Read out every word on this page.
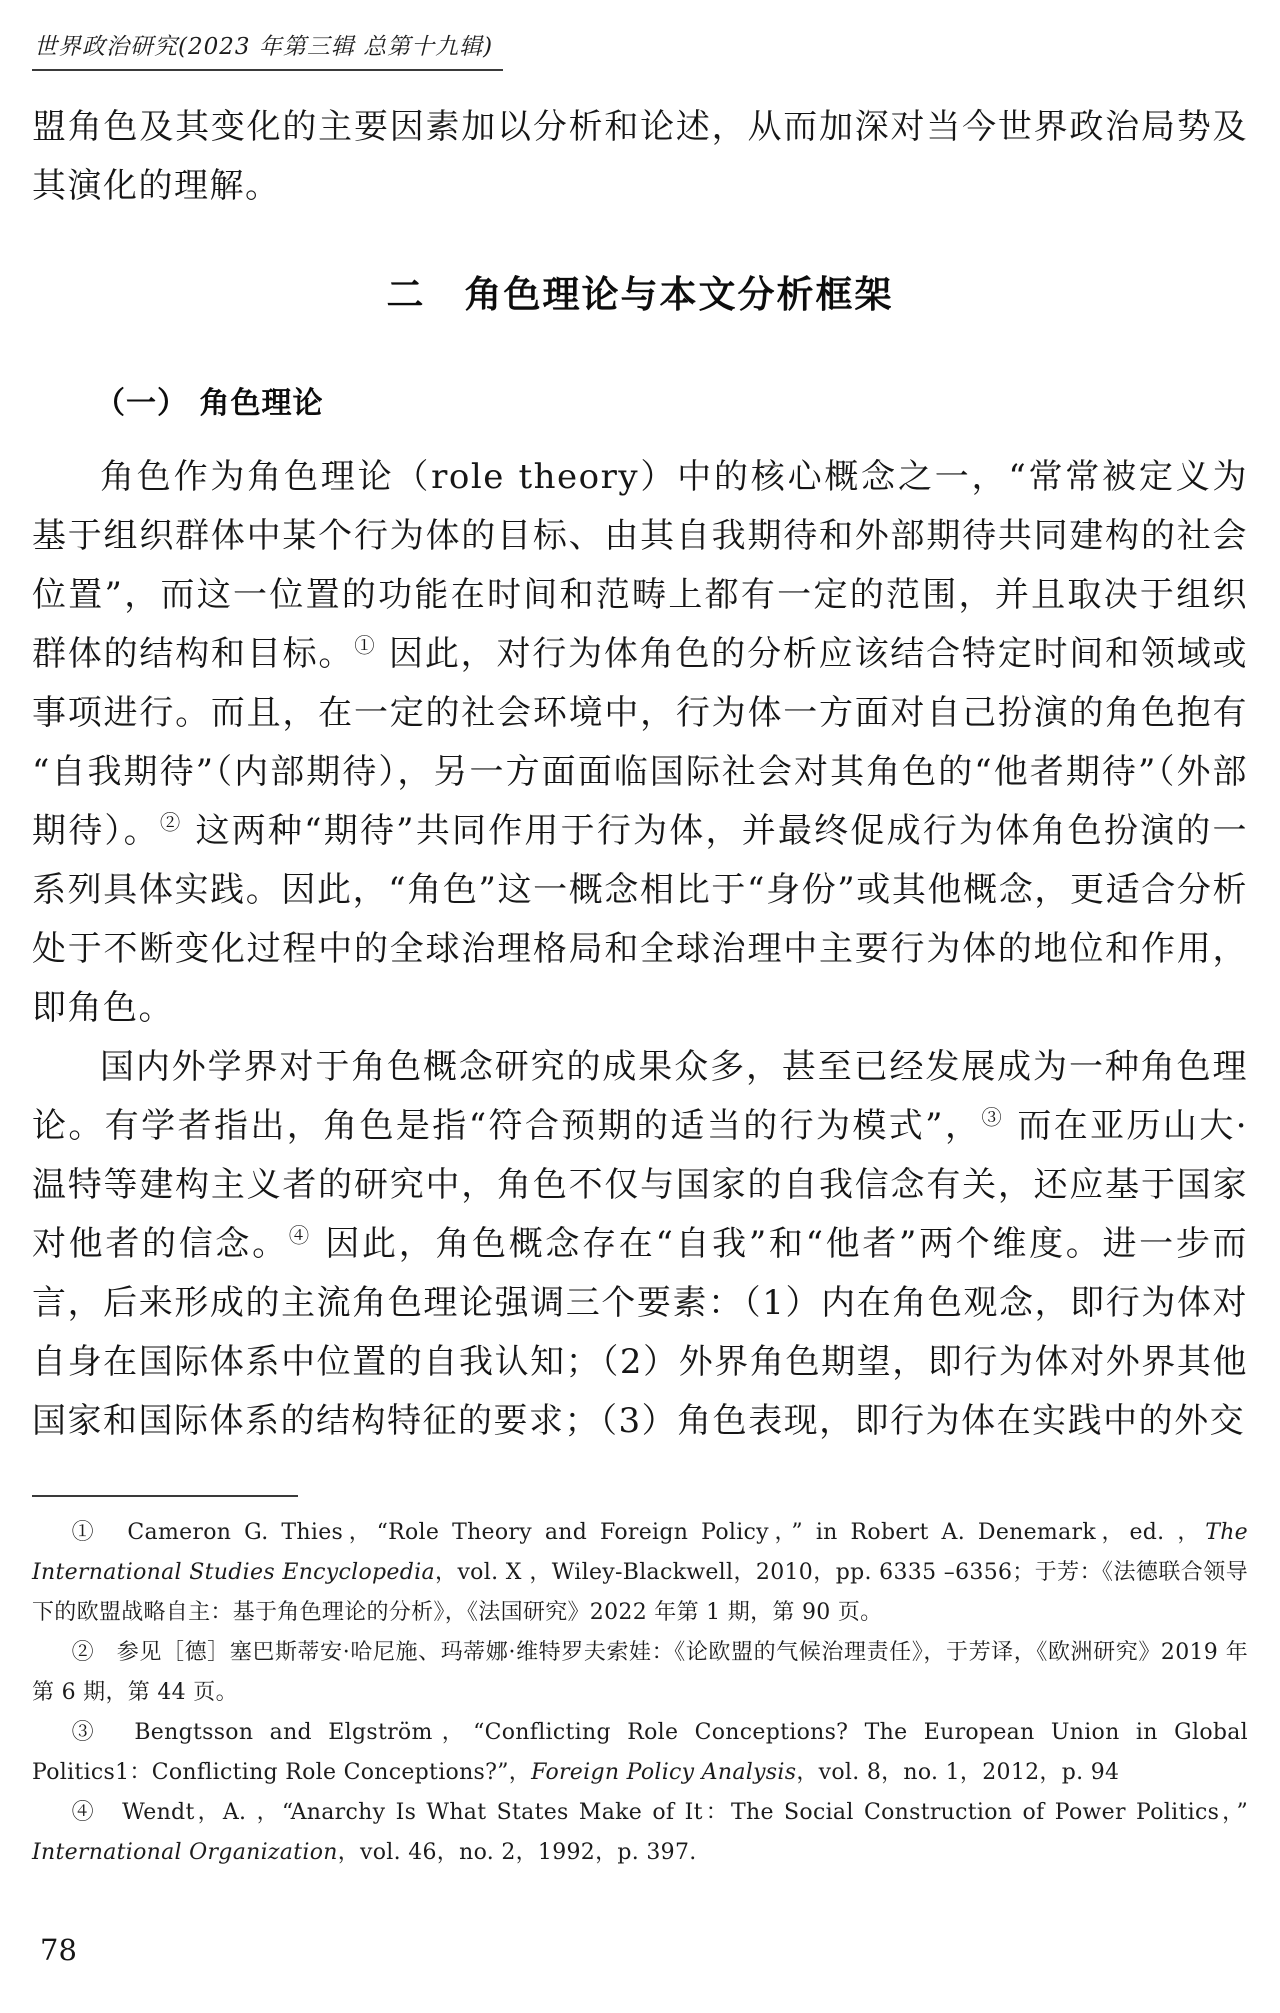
世界政治研究(2023 年第三辑 总第十九辑)

盟角色及其变化的主要因素加以分析和论述，从而加深对当今世界政治局势及其演化的理解。

二　角色理论与本文分析框架
（一） 角色理论

角色作为角色理论（role theory）中的核心概念之一，“常常被定义为基于组织群体中某个行为体的目标、由其自我期待和外部期待共同建构的社会位置”，而这一位置的功能在时间和范畴上都有一定的范围，并且取决于组织群体的结构和目标。① 因此，对行为体角色的分析应该结合特定时间和领域或事项进行。而且，在一定的社会环境中，行为体一方面对自己扮演的角色抱有“自我期待”（内部期待），另一方面面临国际社会对其角色的“他者期待”（外部期待）。② 这两种“期待”共同作用于行为体，并最终促成行为体角色扮演的一系列具体实践。因此，“角色”这一概念相比于“身份”或其他概念，更适合分析处于不断变化过程中的全球治理格局和全球治理中主要行为体的地位和作用，即角色。

国内外学界对于角色概念研究的成果众多，甚至已经发展成为一种角色理论。有学者指出，角色是指“符合预期的适当的行为模式”，③ 而在亚历山大·温特等建构主义者的研究中，角色不仅与国家的自我信念有关，还应基于国家对他者的信念。④ 因此，角色概念存在“自我”和“他者”两个维度。进一步而言，后来形成的主流角色理论强调三个要素：（1）内在角色观念，即行为体对自身在国际体系中位置的自我认知；（2）外界角色期望，即行为体对外界其他国家和国际体系的结构特征的要求；（3）角色表现，即行为体在实践中的外交

①　Cameron G. Thies，“Role Theory and Foreign Policy，” in Robert A. Denemark，ed. ，The International Studies Encyclopedia，vol. Ⅹ ，Wiley-Blackwell，2010，pp. 6335 –6356；于芳：《法德联合领导下的欧盟战略自主：基于角色理论的分析》，《法国研究》2022 年第 1 期，第 90 页。

②　参见［德］塞巴斯蒂安·哈尼施、玛蒂娜·维特罗夫索娃：《论欧盟的气候治理责任》，于芳译，《欧洲研究》2019 年第 6 期，第 44 页。

③　Bengtsson and Elgström，“Conflicting Role Conceptions? The European Union in Global Politics1：Conflicting Role Conceptions?”，Foreign Policy Analysis，vol. 8，no. 1，2012，p. 94

④　Wendt，A. ，“Anarchy Is What States Make of It：The Social Construction of Power Politics，” International Organization，vol. 46，no. 2，1992，p. 397.

78
